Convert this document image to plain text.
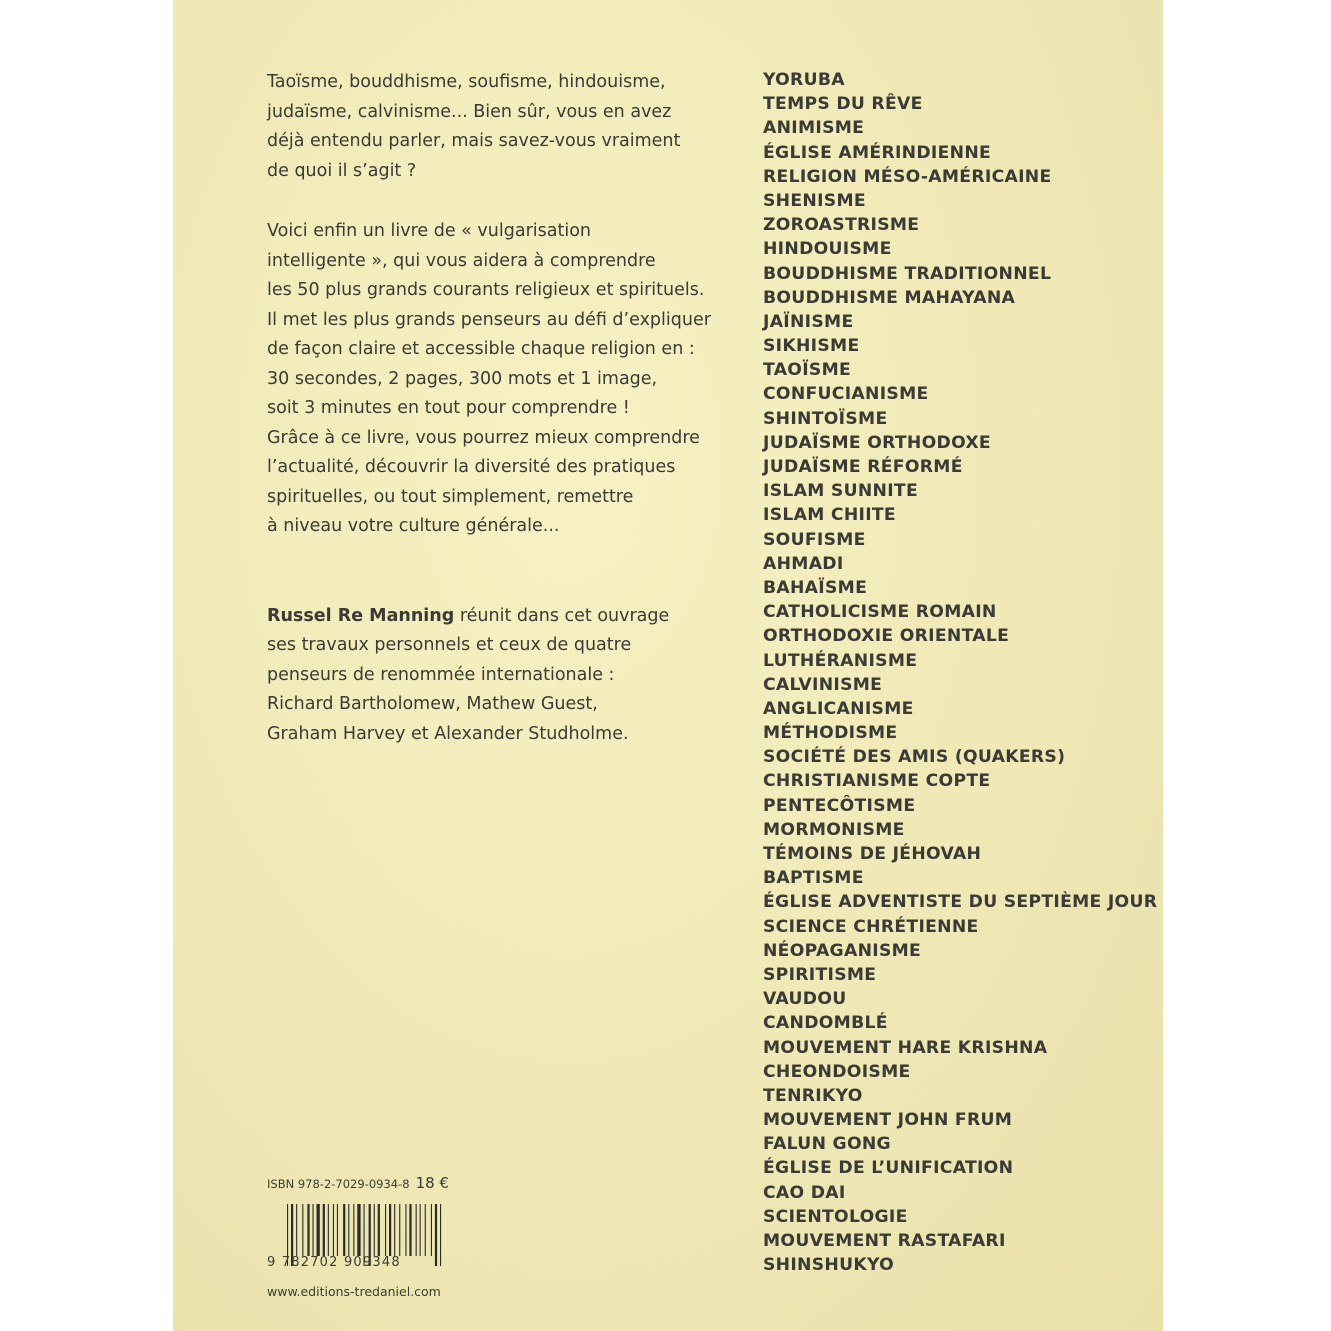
Taoïsme, bouddhisme, soufisme, hindouisme,
judaïsme, calvinisme... Bien sûr, vous en avez
déjà entendu parler, mais savez-vous vraiment
de quoi il s’agit ?
Voici enfin un livre de « vulgarisation
intelligente », qui vous aidera à comprendre
les 50 plus grands courants religieux et spirituels.
Il met les plus grands penseurs au défi d’expliquer
de façon claire et accessible chaque religion en :
30 secondes, 2 pages, 300 mots et 1 image,
soit 3 minutes en tout pour comprendre !
Grâce à ce livre, vous pourrez mieux comprendre
l’actualité, découvrir la diversité des pratiques
spirituelles, ou tout simplement, remettre
à niveau votre culture générale...
Russel Re Manning réunit dans cet ouvrage
ses travaux personnels et ceux de quatre
penseurs de renommée internationale :
Richard Bartholomew, Mathew Guest,
Graham Harvey et Alexander Studholme.
YORUBA
TEMPS DU RÊVE
ANIMISME
ÉGLISE AMÉRINDIENNE
RELIGION MÉSO-AMÉRICAINE
SHENISME
ZOROASTRISME
HINDOUISME
BOUDDHISME TRADITIONNEL
BOUDDHISME MAHAYANA
JAÏNISME
SIKHISME
TAOÏSME
CONFUCIANISME
SHINTOÏSME
JUDAÏSME ORTHODOXE
JUDAÏSME RÉFORMÉ
ISLAM SUNNITE
ISLAM CHIITE
SOUFISME
AHMADI
BAHAÏSME
CATHOLICISME ROMAIN
ORTHODOXIE ORIENTALE
LUTHÉRANISME
CALVINISME
ANGLICANISME
MÉTHODISME
SOCIÉTÉ DES AMIS (QUAKERS)
CHRISTIANISME COPTE
PENTECÔTISME
MORMONISME
TÉMOINS DE JÉHOVAH
BAPTISME
ÉGLISE ADVENTISTE DU SEPTIÈME JOUR
SCIENCE CHRÉTIENNE
NÉOPAGANISME
SPIRITISME
VAUDOU
CANDOMBLÉ
MOUVEMENT HARE KRISHNA
CHEONDOISME
TENRIKYO
MOUVEMENT JOHN FRUM
FALUN GONG
ÉGLISE DE L’UNIFICATION
CAO DAI
SCIENTOLOGIE
MOUVEMENT RASTAFARI
SHINSHUKYO
ISBN 978-2-7029-0934-8 18 €
9 782702 909348
www.editions-tredaniel.com
